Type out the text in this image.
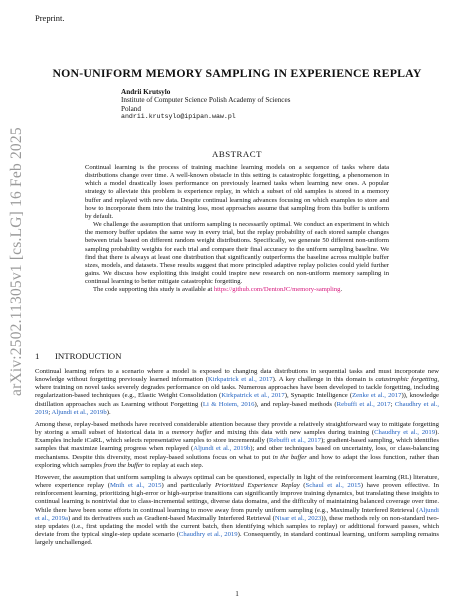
Preprint.
arXiv:2502.11305v1 [cs.LG] 16 Feb 2025
NON-UNIFORM MEMORY SAMPLING IN EXPERIENCE REPLAY
Andrii Krutsylo
Institute of Computer Science Polish Academy of Sciences
Poland
andrii.krutsylo@ipipan.waw.pl
ABSTRACT

Continual learning is the process of training machine learning models on a sequence of tasks where data distributions change over time. A well-known obstacle in this setting is catastrophic forgetting, a phenomenon in which a model drastically loses performance on previously learned tasks when learning new ones. A popular strategy to alleviate this problem is experience replay, in which a subset of old samples is stored in a memory buffer and replayed with new data. Despite continual learning advances focusing on which examples to store and how to incorporate them into the training loss, most approaches assume that sampling from this buffer is uniform by default.

We challenge the assumption that uniform sampling is necessarily optimal. We conduct an experiment in which the memory buffer updates the same way in every trial, but the replay probability of each stored sample changes between trials based on different random weight distributions. Specifically, we generate 50 different non-uniform sampling probability weights for each trial and compare their final accuracy to the uniform sampling baseline. We find that there is always at least one distribution that significantly outperforms the baseline across multiple buffer sizes, models, and datasets. These results suggest that more principled adaptive replay policies could yield further gains. We discuss how exploiting this insight could inspire new research on non-uniform memory sampling in continual learning to better mitigate catastrophic forgetting.

The code supporting this study is available at https://github.com/DentonJC/memory-sampling.

1 INTRODUCTION

Continual learning refers to a scenario where a model is exposed to changing data distributions in sequential tasks and must incorporate new knowledge without forgetting previously learned information (Kirkpatrick et al., 2017). A key challenge in this domain is catastrophic forgetting, where training on novel tasks severely degrades performance on old tasks. Numerous approaches have been developed to tackle forgetting, including regularization-based techniques (e.g., Elastic Weight Consolidation (Kirkpatrick et al., 2017), Synaptic Intelligence (Zenke et al., 2017)), knowledge distillation approaches such as Learning without Forgetting (Li & Hoiem, 2016), and replay-based methods (Rebuffi et al., 2017; Chaudhry et al., 2019; Aljundi et al., 2019b).

Among these, replay-based methods have received considerable attention because they provide a relatively straightforward way to mitigate forgetting by storing a small subset of historical data in a memory buffer and mixing this data with new samples during training (Chaudhry et al., 2019). Examples include iCaRL, which selects representative samples to store incrementally (Rebuffi et al., 2017); gradient-based sampling, which identifies samples that maximize learning progress when replayed (Aljundi et al., 2019b); and other techniques based on uncertainty, loss, or class-balancing mechanisms. Despite this diversity, most replay-based solutions focus on what to put in the buffer and how to adapt the loss function, rather than exploring which samples from the buffer to replay at each step.

However, the assumption that uniform sampling is always optimal can be questioned, especially in light of the reinforcement learning (RL) literature, where experience replay (Mnih et al., 2015) and particularly Prioritized Experience Replay (Schaul et al., 2015) have proven effective. In reinforcement learning, prioritizing high-error or high-surprise transitions can significantly improve training dynamics, but translating these insights to continual learning is nontrivial due to class-incremental settings, diverse data domains, and the difficulty of maintaining balanced coverage over time. While there have been some efforts in continual learning to move away from purely uniform sampling (e.g., Maximally Interfered Retrieval (Aljundi et al., 2019a) and its derivatives such as Gradient-based Maximally Interfered Retrieval (Nisar et al., 2023)), these methods rely on non-standard two-step updates (i.e., first updating the model with the current batch, then identifying which samples to replay) or additional forward passes, which deviate from the typical single-step update scenario (Chaudhry et al., 2019). Consequently, in standard continual learning, uniform sampling remains largely unchallenged.

1
